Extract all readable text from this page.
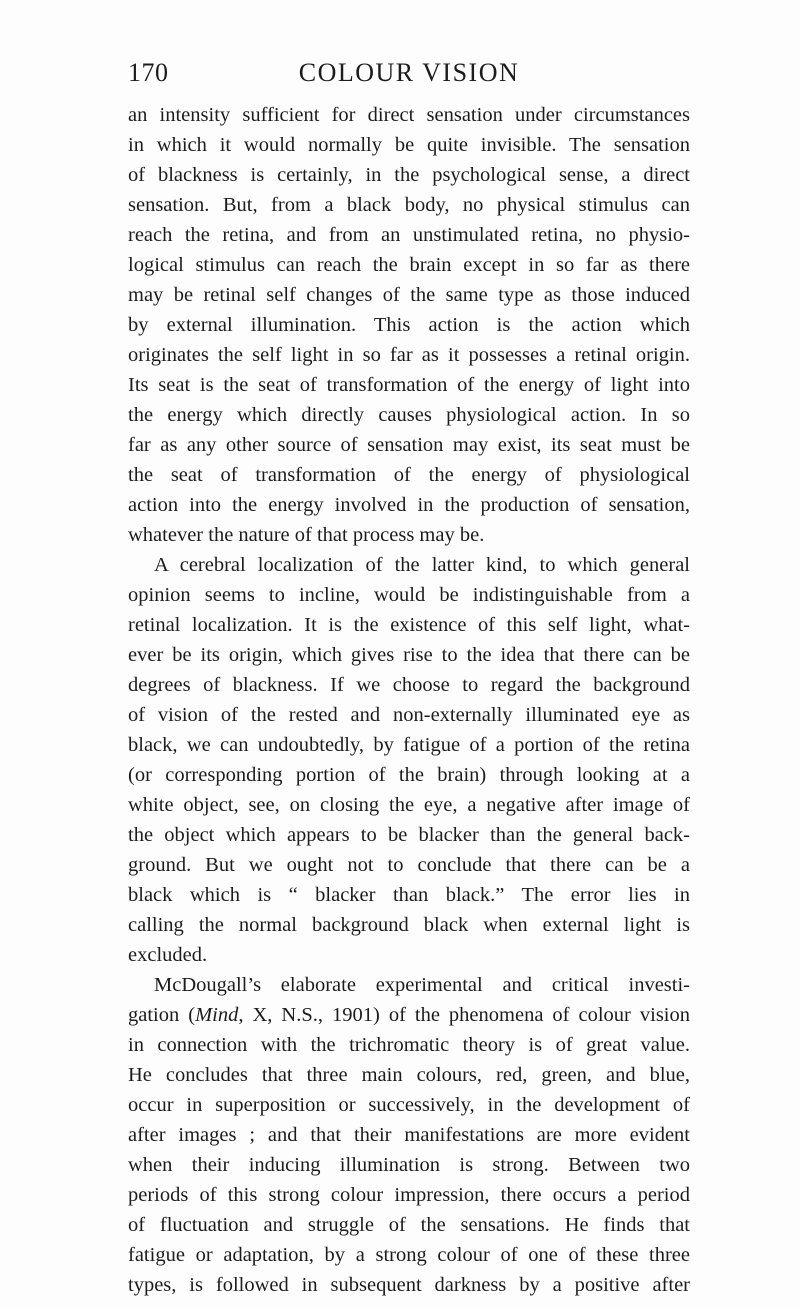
170	COLOUR VISION
an intensity sufficient for direct sensation under circumstances
in which it would normally be quite invisible. The sensation
of blackness is certainly, in the psychological sense, a direct
sensation. But, from a black body, no physical stimulus can
reach the retina, and from an unstimulated retina, no physio-
logical stimulus can reach the brain except in so far as there
may be retinal self changes of the same type as those induced
by external illumination. This action is the action which
originates the self light in so far as it possesses a retinal origin.
Its seat is the seat of transformation of the energy of light into
the energy which directly causes physiological action. In so
far as any other source of sensation may exist, its seat must be
the seat of transformation of the energy of physiological
action into the energy involved in the production of sensation,
whatever the nature of that process may be.
A cerebral localization of the latter kind, to which general
opinion seems to incline, would be indistinguishable from a
retinal localization. It is the existence of this self light, what-
ever be its origin, which gives rise to the idea that there can be
degrees of blackness. If we choose to regard the background
of vision of the rested and non-externally illuminated eye as
black, we can undoubtedly, by fatigue of a portion of the retina
(or corresponding portion of the brain) through looking at a
white object, see, on closing the eye, a negative after image of
the object which appears to be blacker than the general back-
ground. But we ought not to conclude that there can be a
black which is “ blacker than black.” The error lies in
calling the normal background black when external light is
excluded.
McDougall’s elaborate experimental and critical investi-
gation (Mind, X, N.S., 1901) of the phenomena of colour vision
in connection with the trichromatic theory is of great value.
He concludes that three main colours, red, green, and blue,
occur in superposition or successively, in the development of
after images ; and that their manifestations are more evident
when their inducing illumination is strong. Between two
periods of this strong colour impression, there occurs a period
of fluctuation and struggle of the sensations. He finds that
fatigue or adaptation, by a strong colour of one of these three
types, is followed in subsequent darkness by a positive after
